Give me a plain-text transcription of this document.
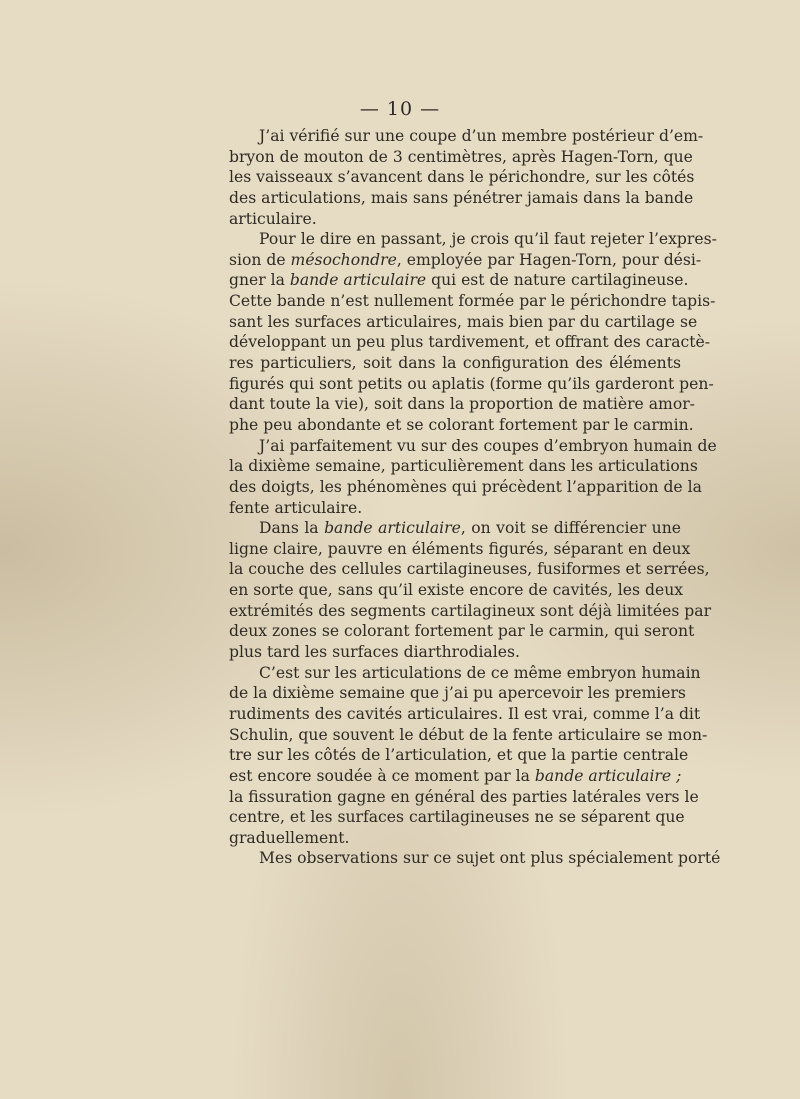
— 10 —
J’ai vérifié sur une coupe d’un membre postérieur d’em-
bryon de mouton de 3 centimètres, après Hagen-Torn, que
les vaisseaux s’avancent dans le périchondre, sur les côtés
des articulations, mais sans pénétrer jamais dans la bande
articulaire.
Pour le dire en passant, je crois qu’il faut rejeter l’expres-
sion de mésochondre, employée par Hagen-Torn, pour dési-
gner la bande articulaire qui est de nature cartilagineuse.
Cette bande n’est nullement formée par le périchondre tapis-
sant les surfaces articulaires, mais bien par du cartilage se
développant un peu plus tardivement, et offrant des caractè-
res particuliers, soit dans la configuration des éléments
figurés qui sont petits ou aplatis (forme qu’ils garderont pen-
dant toute la vie), soit dans la proportion de matière amor-
phe peu abondante et se colorant fortement par le carmin.
J’ai parfaitement vu sur des coupes d’embryon humain de
la dixième semaine, particulièrement dans les articulations
des doigts, les phénomènes qui précèdent l’apparition de la
fente articulaire.
Dans la bande articulaire, on voit se différencier une
ligne claire, pauvre en éléments figurés, séparant en deux
la couche des cellules cartilagineuses, fusiformes et serrées,
en sorte que, sans qu’il existe encore de cavités, les deux
extrémités des segments cartilagineux sont déjà limitées par
deux zones se colorant fortement par le carmin, qui seront
plus tard les surfaces diarthrodiales.
C’est sur les articulations de ce même embryon humain
de la dixième semaine que j’ai pu apercevoir les premiers
rudiments des cavités articulaires. Il est vrai, comme l’a dit
Schulin, que souvent le début de la fente articulaire se mon-
tre sur les côtés de l’articulation, et que la partie centrale
est encore soudée à ce moment par la bande articulaire ;
la fissuration gagne en général des parties latérales vers le
centre, et les surfaces cartilagineuses ne se séparent que
graduellement.
Mes observations sur ce sujet ont plus spécialement porté
